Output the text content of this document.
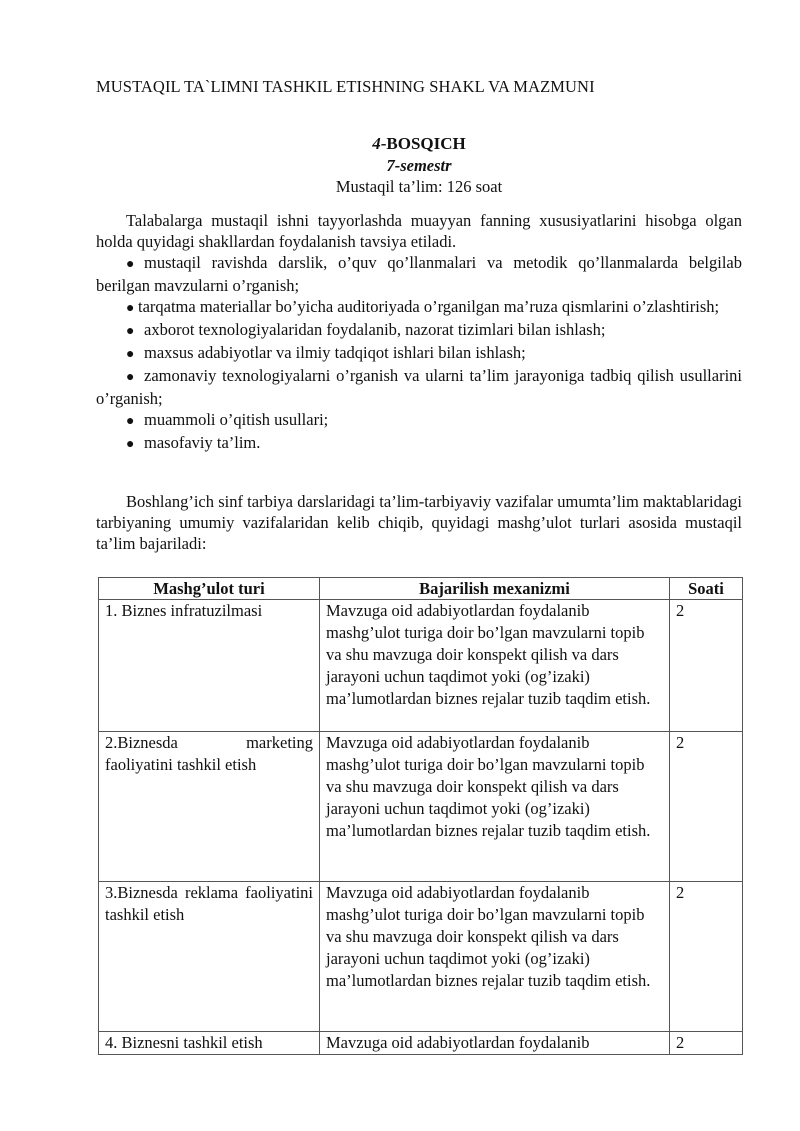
MUSTAQIL TA`LIMNI TASHKIL ETISHNING SHAKL VA MAZMUNI
4-BOSQICH
7-semestr
Mustaqil ta’lim: 126 soat
Talabalarga mustaqil ishni tayyorlashda muayyan fanning xususiyatlarini hisobga olgan holda quyidagi shakllardan foydalanish tavsiya etiladi.
● mustaqil ravishda darslik, o’quv qo’llanmalari va metodik qo’llanmalarda belgilab berilgan mavzularni o’rganish;
● tarqatma materiallar bo’yicha auditoriyada o’rganilgan ma’ruza qismlarini o’zlashtirish;
● axborot texnologiyalaridan foydalanib, nazorat tizimlari bilan ishlash;
● maxsus adabiyotlar va ilmiy tadqiqot ishlari bilan ishlash;
● zamonaviy texnologiyalarni o’rganish va ularni ta’lim jarayoniga tadbiq qilish usullarini o’rganish;
● muammoli o’qitish usullari;
● masofaviy ta’lim.
Boshlang’ich sinf tarbiya darslaridagi ta’lim-tarbiyaviy vazifalar umumta’lim maktablaridagi tarbiyaning umumiy vazifalaridan kelib chiqib, quyidagi mashg’ulot turlari asosida mustaqil ta’lim bajariladi:
Mashg’ulot turi	Bajarilish mexanizmi	Soati
1. Biznes infratuzilmasi	Mavzuga oid adabiyotlardan foydalanib mashg’ulot turiga doir bo’lgan mavzularni topib va shu mavzuga doir konspekt qilish va dars jarayoni uchun taqdimot yoki (og’izaki) ma’lumotlardan biznes rejalar tuzib taqdim etish.	2
2.Biznesda marketing faoliyatini tashkil etish	Mavzuga oid adabiyotlardan foydalanib mashg’ulot turiga doir bo’lgan mavzularni topib va shu mavzuga doir konspekt qilish va dars jarayoni uchun taqdimot yoki (og’izaki) ma’lumotlardan biznes rejalar tuzib taqdim etish.	2
3.Biznesda reklama faoliyatini tashkil etish	Mavzuga oid adabiyotlardan foydalanib mashg’ulot turiga doir bo’lgan mavzularni topib va shu mavzuga doir konspekt qilish va dars jarayoni uchun taqdimot yoki (og’izaki) ma’lumotlardan biznes rejalar tuzib taqdim etish.	2
4. Biznesni tashkil etish	Mavzuga oid adabiyotlardan foydalanib	2
